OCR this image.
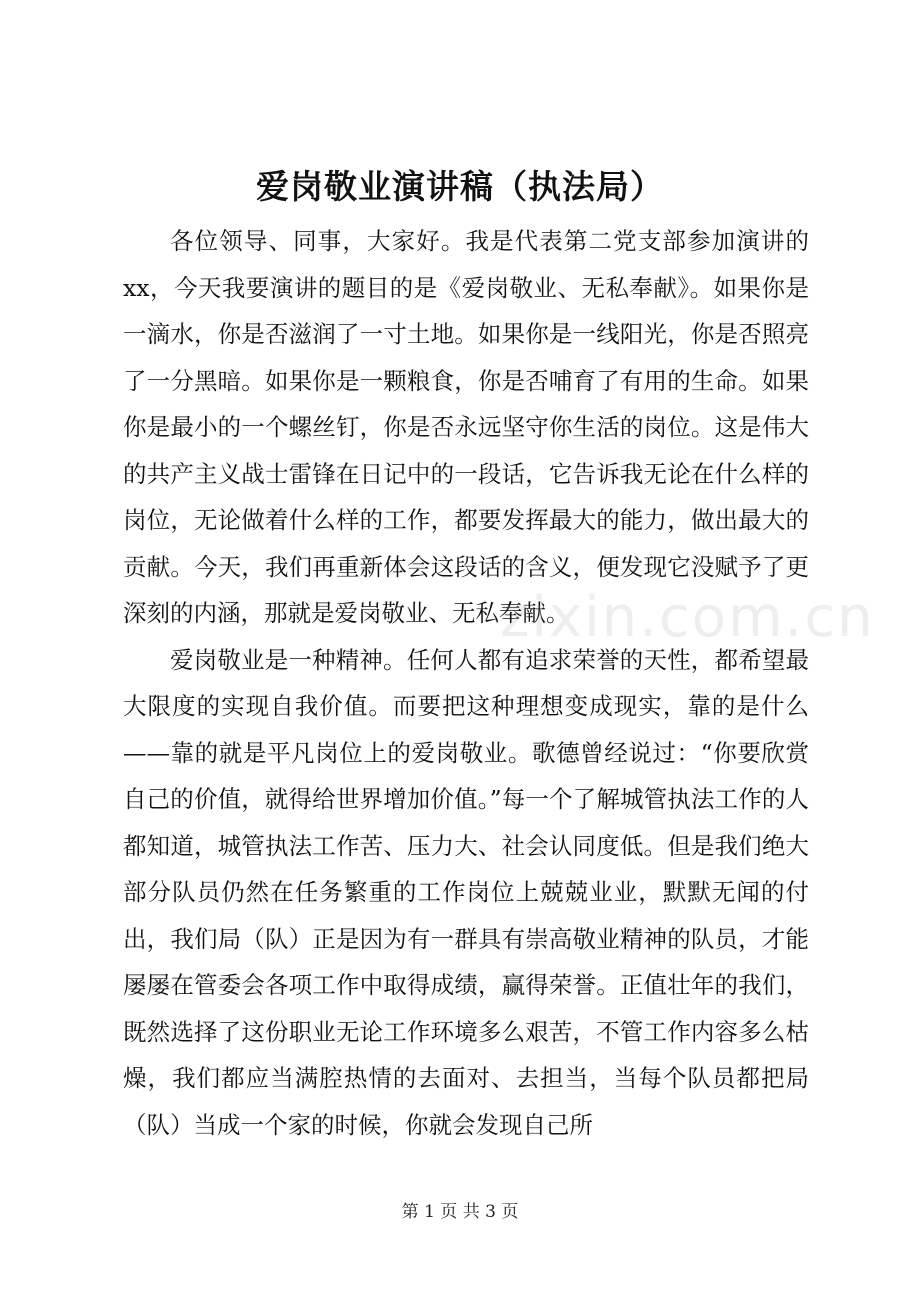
爱岗敬业演讲稿（执法局）

各位领导、同事，大家好。我是代表第二党支部参加演讲的xx，今天我要演讲的题目的是《爱岗敬业、无私奉献》。如果你是一滴水，你是否滋润了一寸土地。如果你是一线阳光，你是否照亮了一分黑暗。如果你是一颗粮食，你是否哺育了有用的生命。如果你是最小的一个螺丝钉，你是否永远坚守你生活的岗位。这是伟大的共产主义战士雷锋在日记中的一段话，它告诉我无论在什么样的岗位，无论做着什么样的工作，都要发挥最大的能力，做出最大的贡献。今天，我们再重新体会这段话的含义，便发现它没赋予了更深刻的内涵，那就是爱岗敬业、无私奉献。

爱岗敬业是一种精神。任何人都有追求荣誉的天性，都希望最大限度的实现自我价值。而要把这种理想变成现实，靠的是什么——靠的就是平凡岗位上的爱岗敬业。歌德曾经说过：“你要欣赏自己的价值，就得给世界增加价值。”每一个了解城管执法工作的人都知道，城管执法工作苦、压力大、社会认同度低。但是我们绝大部分队员仍然在任务繁重的工作岗位上兢兢业业，默默无闻的付出，我们局（队）正是因为有一群具有崇高敬业精神的队员，才能屡屡在管委会各项工作中取得成绩，赢得荣誉。正值壮年的我们，既然选择了这份职业无论工作环境多么艰苦，不管工作内容多么枯燥，我们都应当满腔热情的去面对、去担当，当每个队员都把局（队）当成一个家的时候，你就会发现自己所

zixin.com.cn
第 1 页 共 3 页
